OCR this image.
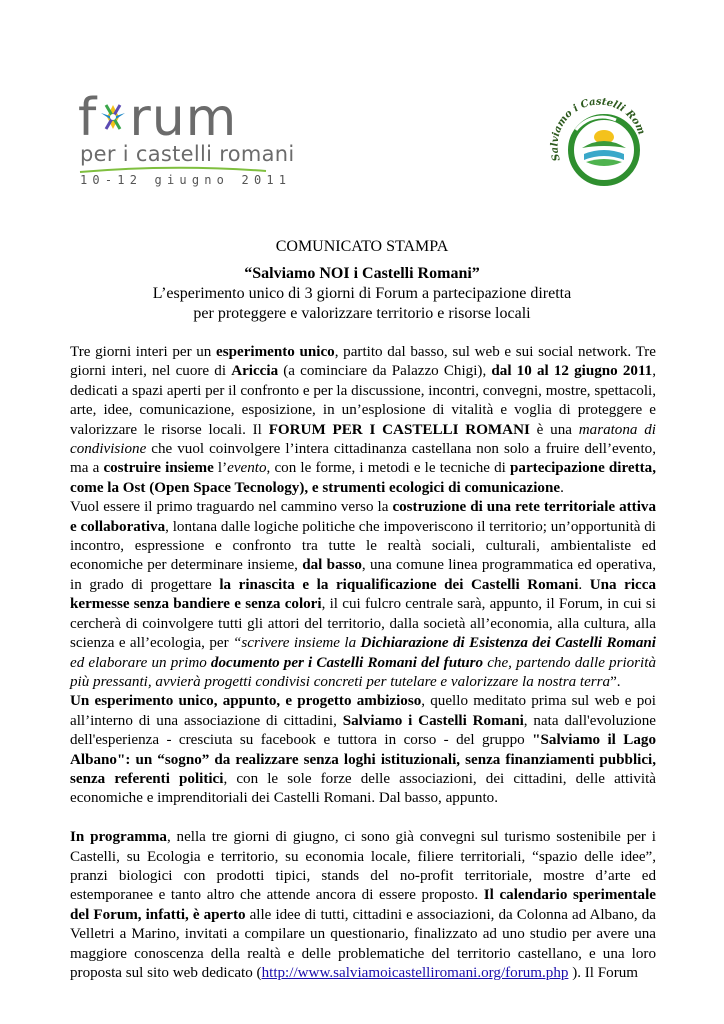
f rum
per i castelli romani
10-12 giugno 2011
Salviamo i Castelli Rom
COMUNICATO STAMPA
“Salviamo NOI i Castelli Romani”
L’esperimento unico di 3 giorni di Forum a partecipazione diretta
per proteggere e valorizzare territorio e risorse locali

Tre giorni interi per un esperimento unico, partito dal basso, sul web e sui social network. Tre giorni interi, nel cuore di Ariccia (a cominciare da Palazzo Chigi), dal 10 al 12 giugno 2011, dedicati a spazi aperti per il confronto e per la discussione, incontri, convegni, mostre, spettacoli, arte, idee, comunicazione, esposizione, in un’esplosione di vitalità e voglia di proteggere e valorizzare le risorse locali. Il FORUM PER I CASTELLI ROMANI è una maratona di condivisione che vuol coinvolgere l’intera cittadinanza castellana non solo a fruire dell’evento, ma a costruire insieme l’evento, con le forme, i metodi e le tecniche di partecipazione diretta, come la Ost (Open Space Tecnology), e strumenti ecologici di comunicazione.

Vuol essere il primo traguardo nel cammino verso la costruzione di una rete territoriale attiva e collaborativa, lontana dalle logiche politiche che impoveriscono il territorio; un’opportunità di incontro, espressione e confronto tra tutte le realtà sociali, culturali, ambientaliste ed economiche per determinare insieme, dal basso, una comune linea programmatica ed operativa, in grado di progettare la rinascita e la riqualificazione dei Castelli Romani. Una ricca kermesse senza bandiere e senza colori, il cui fulcro centrale sarà, appunto, il Forum, in cui si cercherà di coinvolgere tutti gli attori del territorio, dalla società all’economia, alla cultura, alla scienza e all’ecologia, per “scrivere insieme la Dichiarazione di Esistenza dei Castelli Romani ed elaborare un primo documento per i Castelli Romani del futuro che, partendo dalle priorità più pressanti, avvierà progetti condivisi concreti per tutelare e valorizzare la nostra terra”.

Un esperimento unico, appunto, e progetto ambizioso, quello meditato prima sul web e poi all’interno di una associazione di cittadini, Salviamo i Castelli Romani, nata dall'evoluzione dell'esperienza - cresciuta su facebook e tuttora in corso - del gruppo "Salviamo il Lago Albano": un “sogno” da realizzare senza loghi istituzionali, senza finanziamenti pubblici, senza referenti politici, con le sole forze delle associazioni, dei cittadini, delle attività economiche e imprenditoriali dei Castelli Romani. Dal basso, appunto.

In programma, nella tre giorni di giugno, ci sono già convegni sul turismo sostenibile per i Castelli, su Ecologia e territorio, su economia locale, filiere territoriali, “spazio delle idee”, pranzi biologici con prodotti tipici, stands del no-profit territoriale, mostre d’arte ed estemporanee e tanto altro che attende ancora di essere proposto. Il calendario sperimentale del Forum, infatti, è aperto alle idee di tutti, cittadini e associazioni, da Colonna ad Albano, da Velletri a Marino, invitati a compilare un questionario, finalizzato ad uno studio per avere una maggiore conoscenza della realtà e delle problematiche del territorio castellano, e una loro proposta sul sito web dedicato (http://www.salviamoicastelliromani.org/forum.php ). Il Forum
